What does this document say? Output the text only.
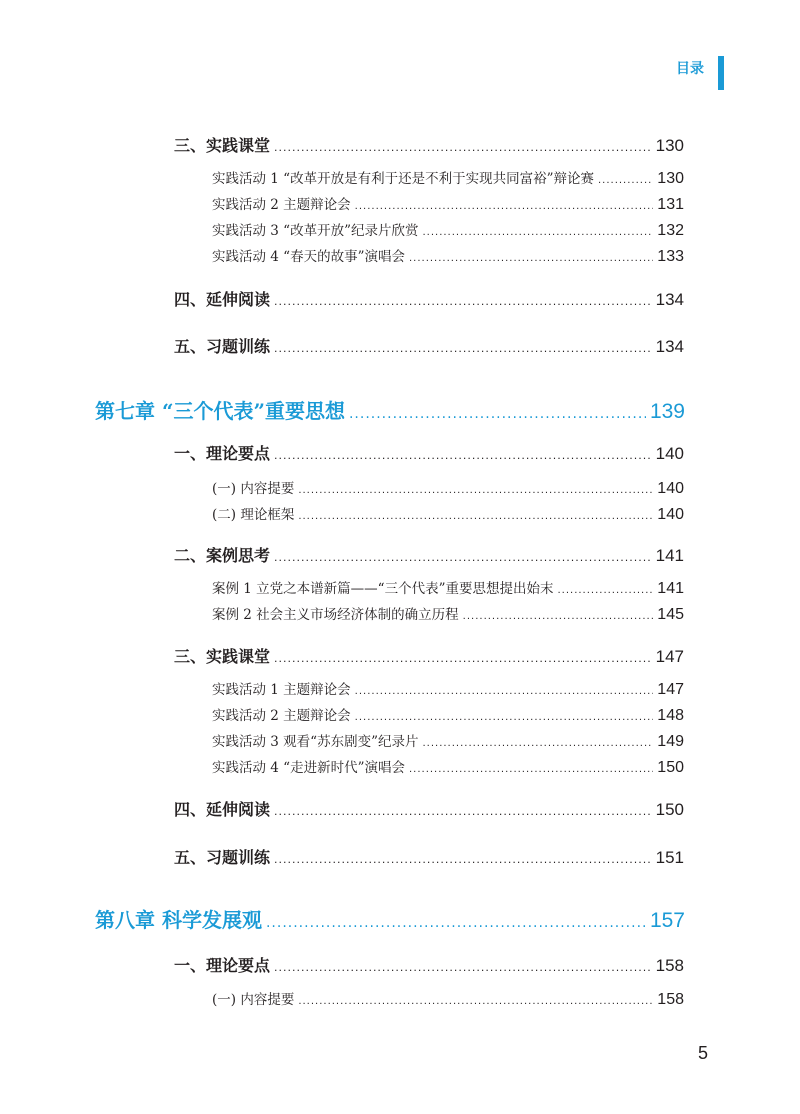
目录
三、实践课堂 .....	130
实践活动 1 “改革开放是有利于还是不利于实现共同富裕”辩论赛 .....	130
实践活动 2 主题辩论会 .....	131
实践活动 3 “改革开放”纪录片欣赏 .....	132
实践活动 4 “春天的故事”演唱会 .....	133
四、延伸阅读 .....	134
五、习题训练 .....	134
第七章 “三个代表”重要思想 .....	139
一、理论要点 .....	140
(一) 内容提要 .....	140
(二) 理论框架 .....	140
二、案例思考 .....	141
案例 1 立党之本谱新篇——“三个代表”重要思想提出始末 .....	141
案例 2 社会主义市场经济体制的确立历程 .....	145
三、实践课堂 .....	147
实践活动 1 主题辩论会 .....	147
实践活动 2 主题辩论会 .....	148
实践活动 3 观看“苏东剧变”纪录片 .....	149
实践活动 4 “走进新时代”演唱会 .....	150
四、延伸阅读 .....	150
五、习题训练 .....	151
第八章 科学发展观 .....	157
一、理论要点 .....	158
(一) 内容提要 .....	158
5
